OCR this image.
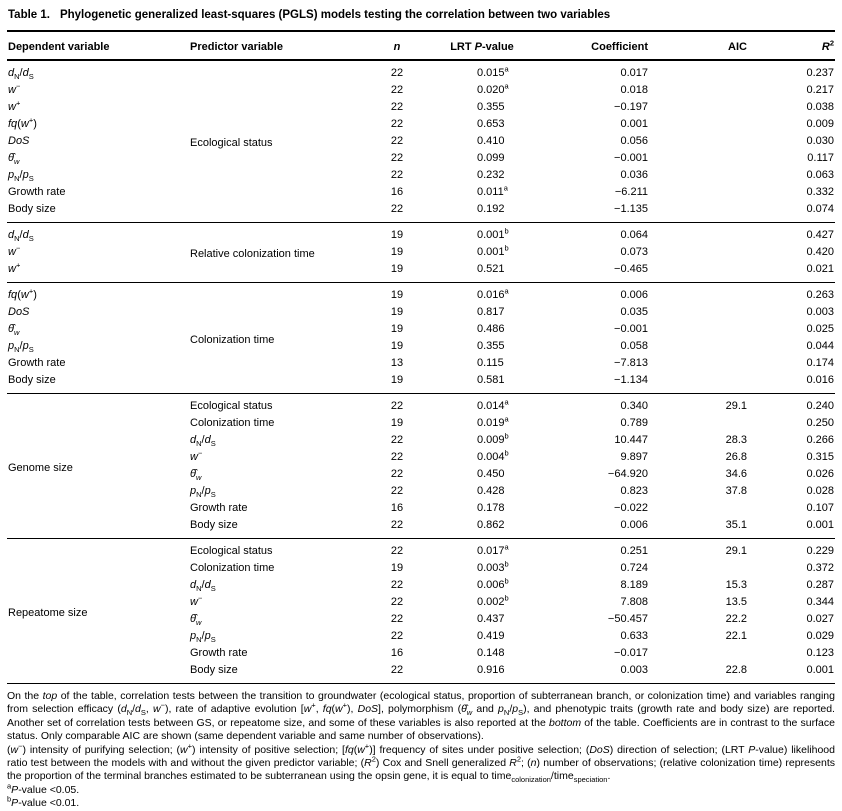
Table 1. Phylogenetic generalized least-squares (PGLS) models testing the correlation between two variables
Dependent variable	Predictor variable	n	LRT P-value	Coefficient	AIC	$R^2$
$d_N/d_S$	Ecological status	22	0.015$^a$	0.017		0.237
w−		22	0.020$^a$	0.018		0.217
w+		22	0.355	−0.197		0.038
fq(w+)		22	0.653	0.001		0.009
DoS		22	0.410	0.056		0.030
$\thetâ_w$		22	0.099	−0.001		0.117
$p_N/p_S$		22	0.232	0.036		0.063
Growth rate		16	0.011$^a$	−6.211		0.332
Body size		22	0.192	−1.135		0.074
$d_N/d_S$	Relative colonization time	19	0.001$^b$	0.064		0.427
w−		19	0.001$^b$	0.073		0.420
w+		19	0.521	−0.465		0.021
fq(w+)	Colonization time	19	0.016$^a$	0.006		0.263
DoS		19	0.817	0.035		0.003
$\thetâ_w$		19	0.486	−0.001		0.025
$p_N/p_S$		19	0.355	0.058		0.044
Growth rate		13	0.115	−7.813		0.174
Body size		19	0.581	−1.134		0.016
Genome size	Ecological status	22	0.014$^a$	0.340	29.1	0.240
	Colonization time	19	0.019$^a$	0.789		0.250
	$d_N/d_S$	22	0.009$^b$	10.447	28.3	0.266
	w−	22	0.004$^b$	9.897	26.8	0.315
	$\thetâ_w$	22	0.450	−64.920	34.6	0.026
	$p_N/p_S$	22	0.428	0.823	37.8	0.028
	Growth rate	16	0.178	−0.022		0.107
	Body size	22	0.862	0.006	35.1	0.001
Repeatome size	Ecological status	22	0.017$^a$	0.251	29.1	0.229
	Colonization time	19	0.003$^b$	0.724		0.372
	$d_N/d_S$	22	0.006$^b$	8.189	15.3	0.287
	w−	22	0.002$^b$	7.808	13.5	0.344
	$\thetâ_w$	22	0.437	−50.457	22.2	0.027
	$p_N/p_S$	22	0.419	0.633	22.1	0.029
	Growth rate	16	0.148	−0.017		0.123
	Body size	22	0.916	0.003	22.8	0.001

On the top of the table, correlation tests between the transition to groundwater (ecological status, proportion of subterranean branch, or colonization time) and variables ranging from selection efficacy ($d_N/d_S$, w−), rate of adaptive evolution [w+, fq(w+), DoS], polymorphism ($\thetâ_w$ and $p_N/p_S$), and phenotypic traits (growth rate and body size) are reported. Another set of correlation tests between GS, or repeatome size, and some of these variables is also reported at the bottom of the table. Coefficients are in contrast to the surface status. Only comparable AIC are shown (same dependent variable and same number of observations).

(w−) intensity of purifying selection; (w+) intensity of positive selection; [fq(w+)] frequency of sites under positive selection; (DoS) direction of selection; (LRT P-value) likelihood ratio test between the models with and without the given predictor variable; $(R^2)$ Cox and Snell generalized $R^2$; (n) number of observations; (relative colonization time) represents the proportion of the terminal branches estimated to be subterranean using the opsin gene, it is equal to time$_{colonization}$/time$_{speciation}$.

$^a$P-value <0.05.

$^b$P-value <0.01.
